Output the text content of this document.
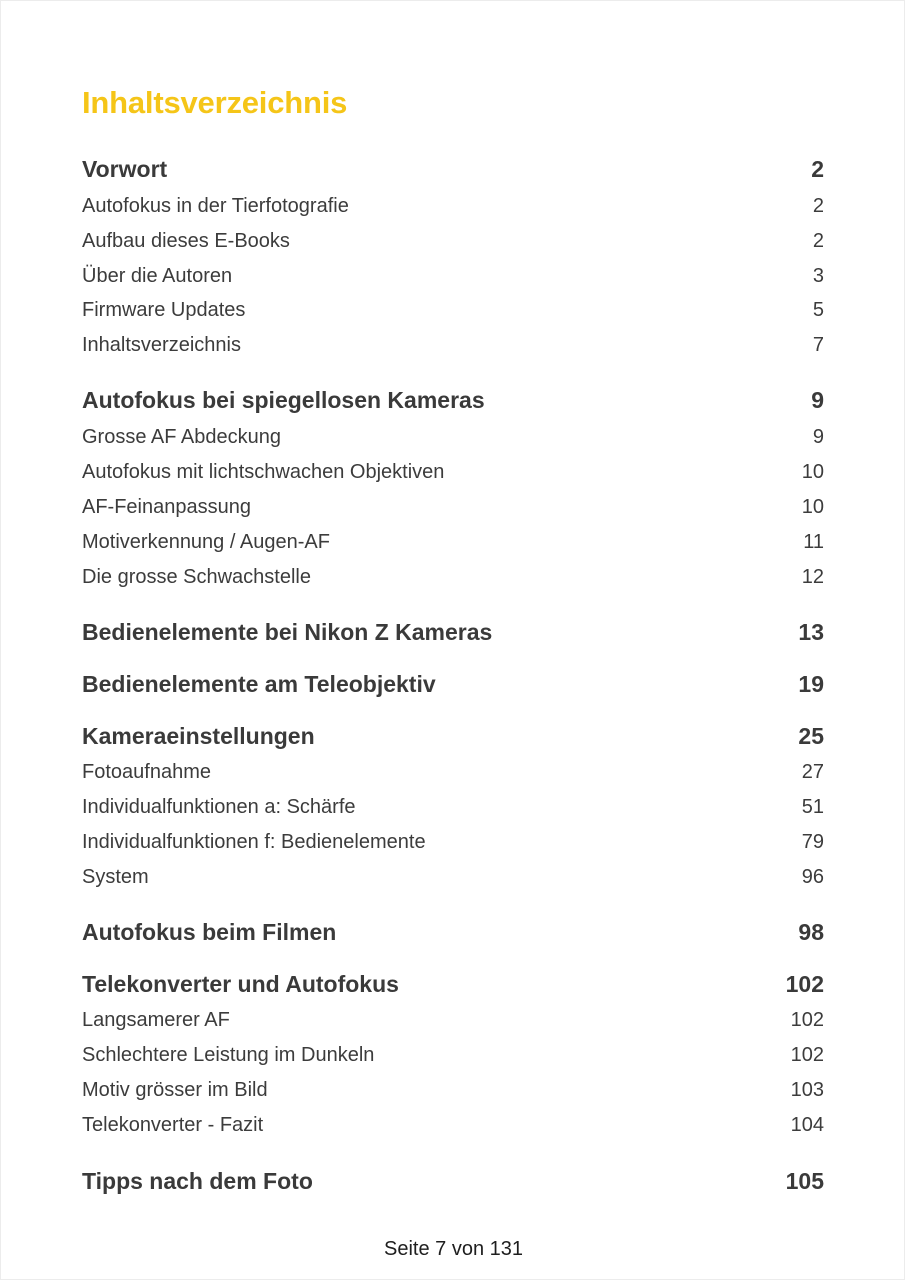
Inhaltsverzeichnis
Vorwort	2
Autofokus in der Tierfotografie	2
Aufbau dieses E-Books	2
Über die Autoren	3
Firmware Updates	5
Inhaltsverzeichnis	7
Autofokus bei spiegellosen Kameras	9
Grosse AF Abdeckung	9
Autofokus mit lichtschwachen Objektiven	10
AF-Feinanpassung	10
Motiverkennung / Augen-AF	11
Die grosse Schwachstelle	12
Bedienelemente bei Nikon Z Kameras	13
Bedienelemente am Teleobjektiv	19
Kameraeinstellungen	25
Fotoaufnahme	27
Individualfunktionen a: Schärfe	51
Individualfunktionen f: Bedienelemente	79
System	96
Autofokus beim Filmen	98
Telekonverter und Autofokus	102
Langsamerer AF	102
Schlechtere Leistung im Dunkeln	102
Motiv grösser im Bild	103
Telekonverter - Fazit	104
Tipps nach dem Foto	105
Seite 7 von 131
